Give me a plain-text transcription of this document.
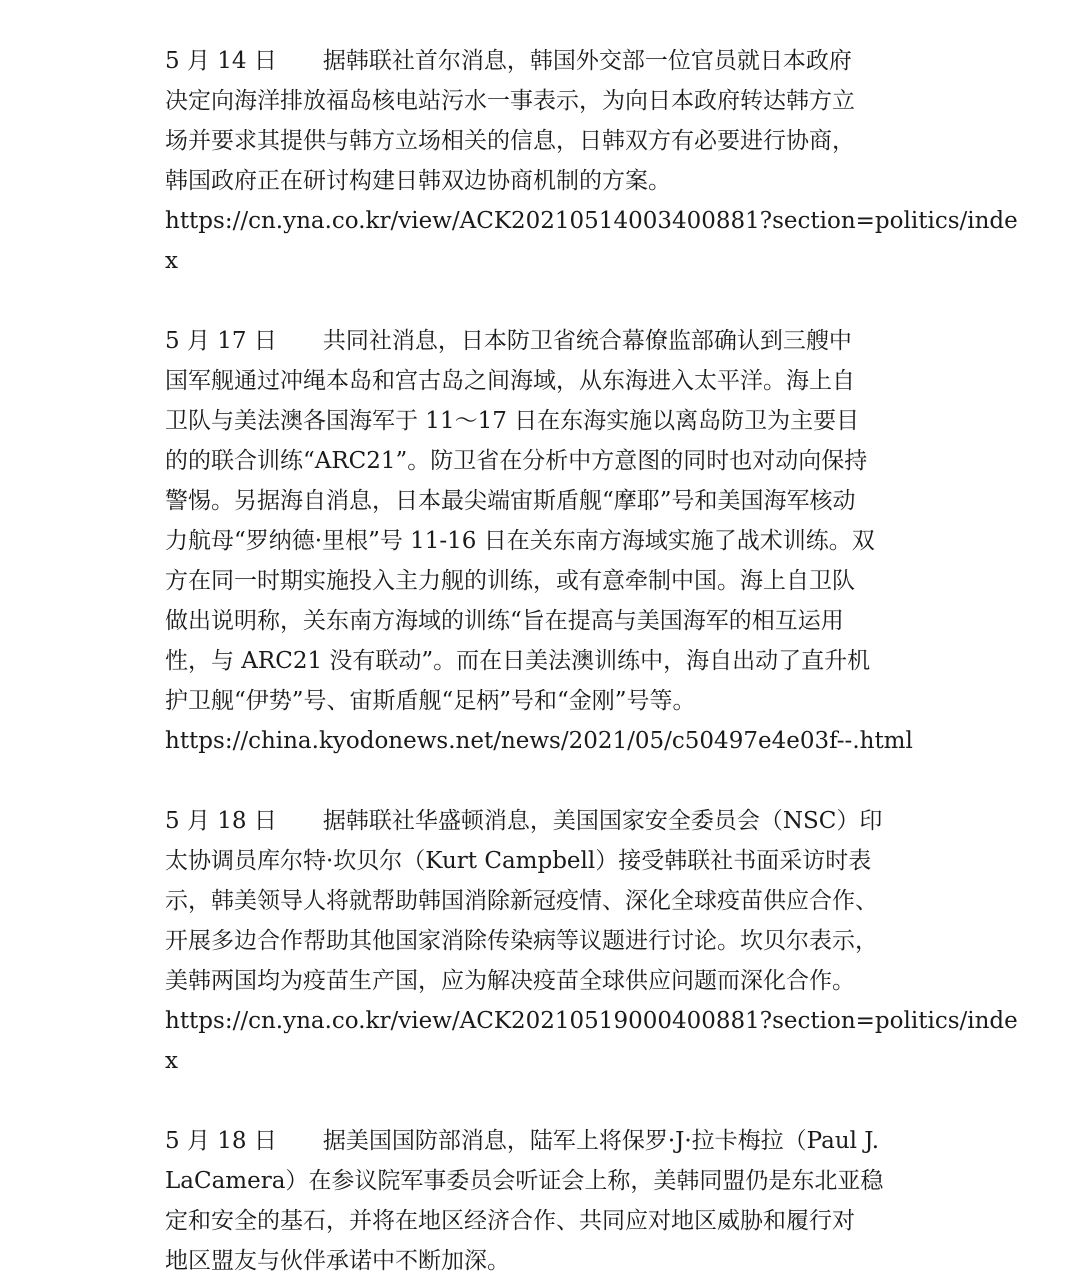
5 月 14 日　　据韩联社首尔消息，韩国外交部一位官员就日本政府
决定向海洋排放福岛核电站污水一事表示，为向日本政府转达韩方立
场并要求其提供与韩方立场相关的信息，日韩双方有必要进行协商，
韩国政府正在研讨构建日韩双边协商机制的方案。
https://cn.yna.co.kr/view/ACK20210514003400881?section=politics/inde
x
5 月 17 日　　共同社消息，日本防卫省统合幕僚监部确认到三艘中
国军舰通过冲绳本岛和宫古岛之间海域，从东海进入太平洋。海上自
卫队与美法澳各国海军于 11～17 日在东海实施以离岛防卫为主要目
的的联合训练“ARC21”。防卫省在分析中方意图的同时也对动向保持
警惕。另据海自消息，日本最尖端宙斯盾舰“摩耶”号和美国海军核动
力航母“罗纳德·里根”号 11-16 日在关东南方海域实施了战术训练。双
方在同一时期实施投入主力舰的训练，或有意牵制中国。海上自卫队
做出说明称，关东南方海域的训练“旨在提高与美国海军的相互运用
性，与 ARC21 没有联动”。而在日美法澳训练中，海自出动了直升机
护卫舰“伊势”号、宙斯盾舰“足柄”号和“金刚”号等。
https://china.kyodonews.net/news/2021/05/c50497e4e03f--.html
5 月 18 日　　据韩联社华盛顿消息，美国国家安全委员会（NSC）印
太协调员库尔特·坎贝尔（Kurt Campbell）接受韩联社书面采访时表
示，韩美领导人将就帮助韩国消除新冠疫情、深化全球疫苗供应合作、
开展多边合作帮助其他国家消除传染病等议题进行讨论。坎贝尔表示，
美韩两国均为疫苗生产国，应为解决疫苗全球供应问题而深化合作。
https://cn.yna.co.kr/view/ACK20210519000400881?section=politics/inde
x
5 月 18 日　　据美国国防部消息，陆军上将保罗·J·拉卡梅拉（Paul J.
LaCamera）在参议院军事委员会听证会上称，美韩同盟仍是东北亚稳
定和安全的基石，并将在地区经济合作、共同应对地区威胁和履行对
地区盟友与伙伴承诺中不断加深。
